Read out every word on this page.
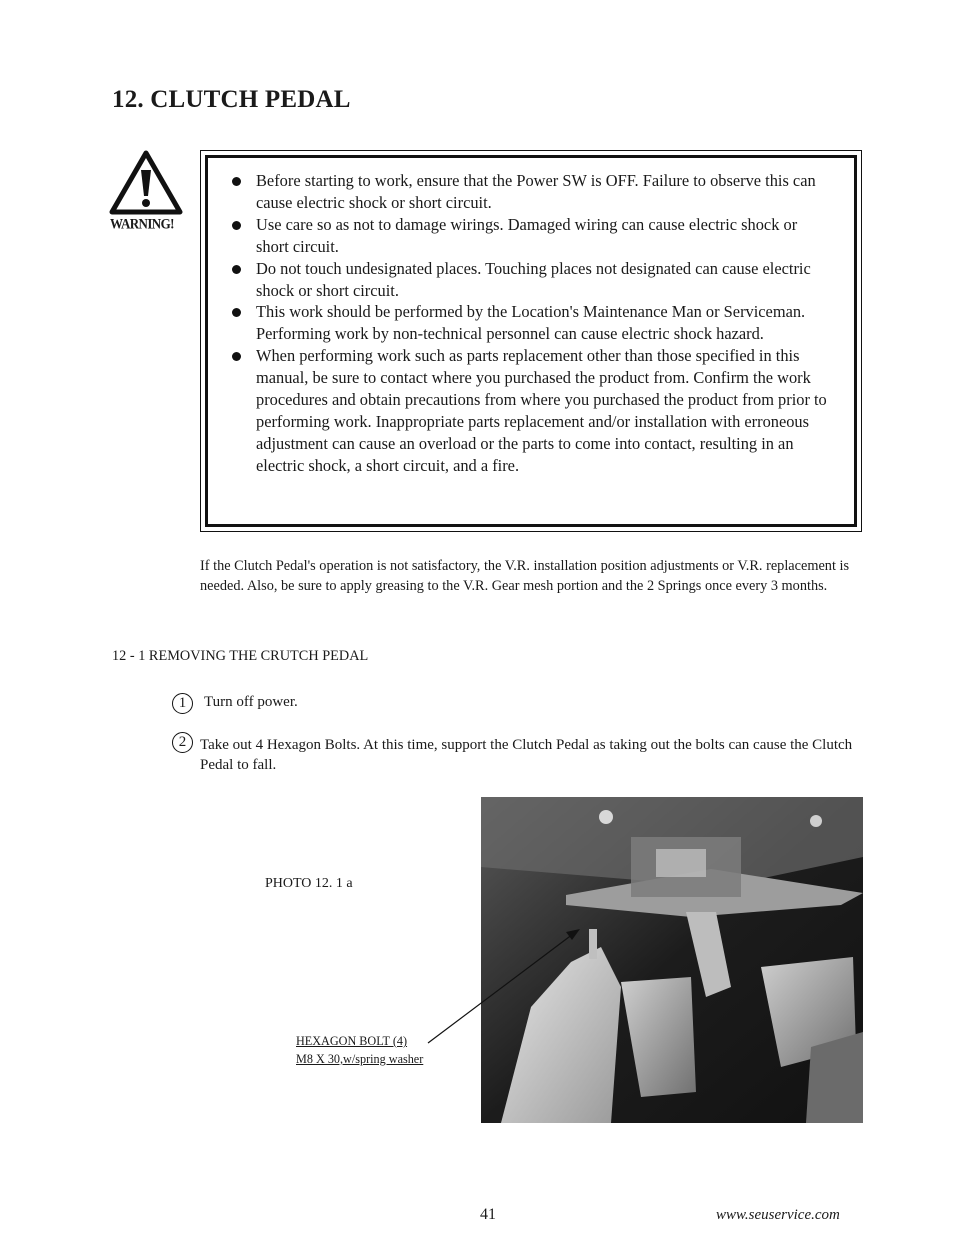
12. CLUTCH PEDAL
WARNING!
Before starting to work, ensure that the Power SW is OFF. Failure to observe this can cause electric shock or short circuit.
Use care so as not to damage wirings. Damaged wiring can cause electric shock or short circuit.
Do not touch undesignated places. Touching places not designated can cause electric shock or short circuit.
This work should be performed by the Location's Maintenance Man or Serviceman. Performing work by non-technical personnel can cause electric shock hazard.
When performing work such as parts replacement other than those specified in this manual, be sure to contact where you purchased the product from. Confirm the work procedures and obtain precautions from where you purchased the product from prior to performing work. Inappropriate parts replacement and/or installation with erroneous adjustment can cause an overload or the parts to come into contact, resulting in an electric shock, a short circuit, and a fire.
If the Clutch Pedal's operation is not satisfactory, the V.R. installation position adjustments or V.R. replacement is needed. Also, be sure to apply greasing to the V.R. Gear mesh portion and the 2 Springs once every 3 months.
12 - 1 REMOVING THE CRUTCH PEDAL
1	Turn off power.
2 Take out 4 Hexagon Bolts. At this time, support the Clutch Pedal as taking out the bolts can cause the Clutch Pedal to fall.
PHOTO 12. 1 a
HEXAGON BOLT (4)
M8 X 30,w/spring washer
41	www.seuservice.com
